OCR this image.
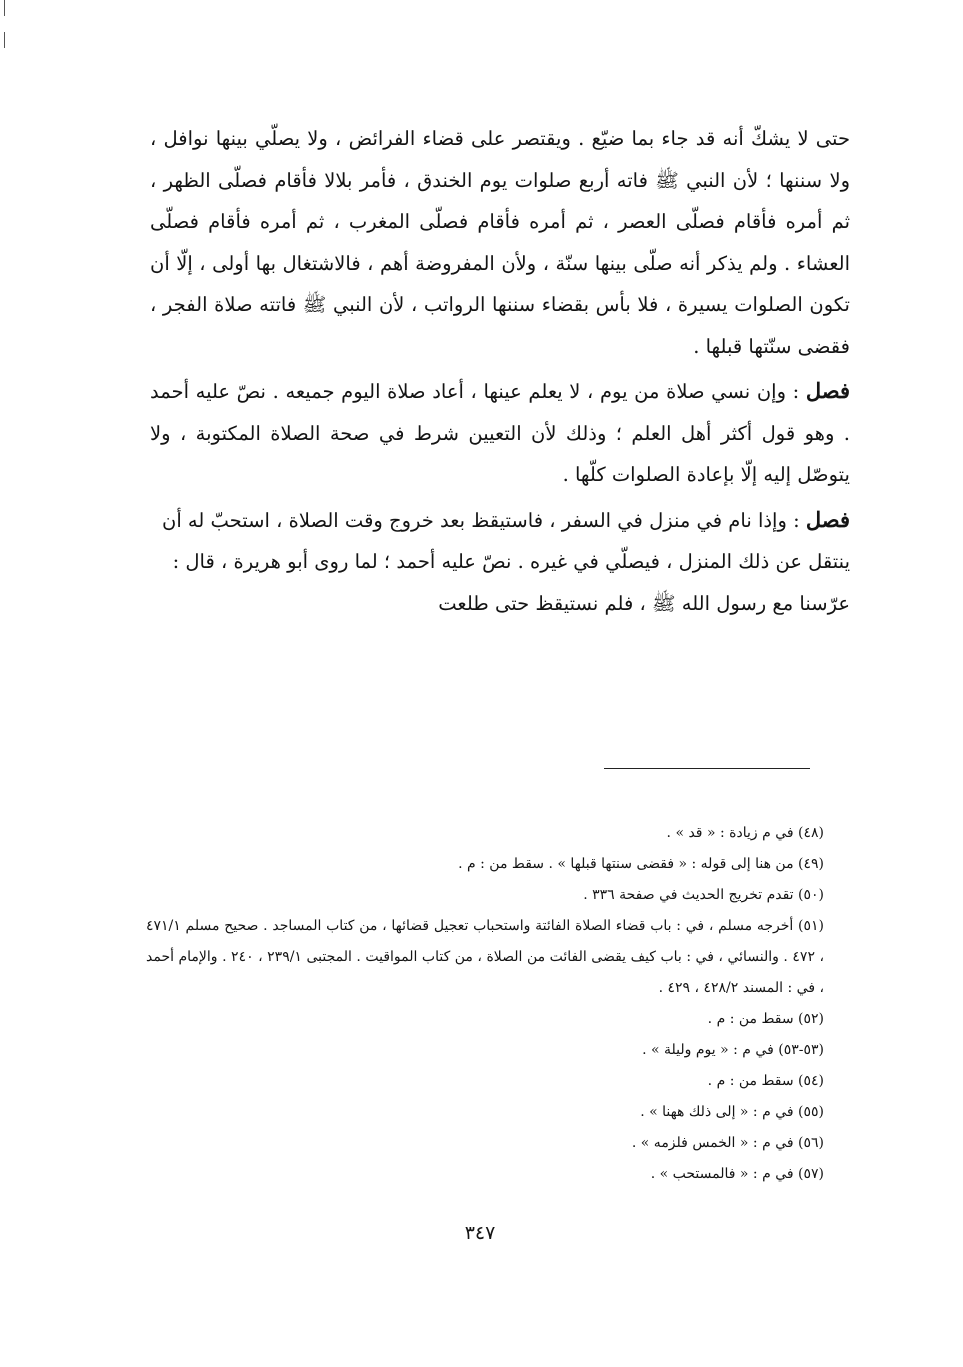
حتى لا يشكّ أنه قد جاء بما ضيّع . ويقتصر على قضاء الفرائض ، ولا يصلّي بينها نوافل ، ولا سننها ؛ لأن النبي ﷺ فاته أربع صلوات يوم الخندق ، فأمر بلالا فأقام فصلّى الظهر ، ثم أمره فأقام فصلّى العصر ، ثم أمره فأقام فصلّى المغرب ، ثم أمره فأقام فصلّى العشاء . ولم يذكر أنه صلّى بينها سنّة ، ولأن المفروضة أهم ، فالاشتغال بها أولى ، إلّا أن تكون الصلوات يسيرة ، فلا بأس بقضاء سننها الرواتب ، لأن النبي ﷺ فاتته صلاة الفجر ، فقضى سنّتها قبلها .

فصل : وإن نسي صلاة من يوم ، لا يعلم عينها ، أعاد صلاة اليوم جميعه . نصّ عليه أحمد . وهو قول أكثر أهل العلم ؛ وذلك لأن التعيين شرط في صحة الصلاة المكتوبة ، ولا يتوصّل إليه إلّا بإعادة الصلوات كلّها .

فصل : وإذا نام في منزل في السفر ، فاستيقظ بعد خروج وقت الصلاة ، استحبّ له أن ينتقل عن ذلك المنزل ، فيصلّي في غيره . نصّ عليه أحمد ؛ لما روى أبو هريرة ، قال : عرّسنا مع رسول الله ﷺ ، فلم نستيقظ حتى طلعت

(٤٨) في م زيادة : « قد » .
(٤٩) من هنا إلى قوله : « فقضى سنتها قبلها » . سقط من : م .
(٥٠) تقدم تخريج الحديث في صفحة ٣٣٦ .
(٥١) أخرجه مسلم ، في : باب قضاء الصلاة الفائتة واستحباب تعجيل قضائها ، من كتاب المساجد . صحيح مسلم ٤٧١/١ ، ٤٧٢ . والنسائي ، في : باب كيف يقضى الفائت من الصلاة ، من كتاب المواقيت . المجتبى ٢٣٩/١ ، ٢٤٠ . والإمام أحمد ، في : المسند ٤٢٨/٢ ، ٤٢٩ .
(٥٢) سقط من : م .
(٥٣-٥٣) في م : « يوم وليلة » .
(٥٤) سقط من : م .
(٥٥) في م : « إلى ذلك ههنا » .
(٥٦) في م : « الخمس فلزمه » .
(٥٧) في م : « فالمستحب » .
٣٤٧
